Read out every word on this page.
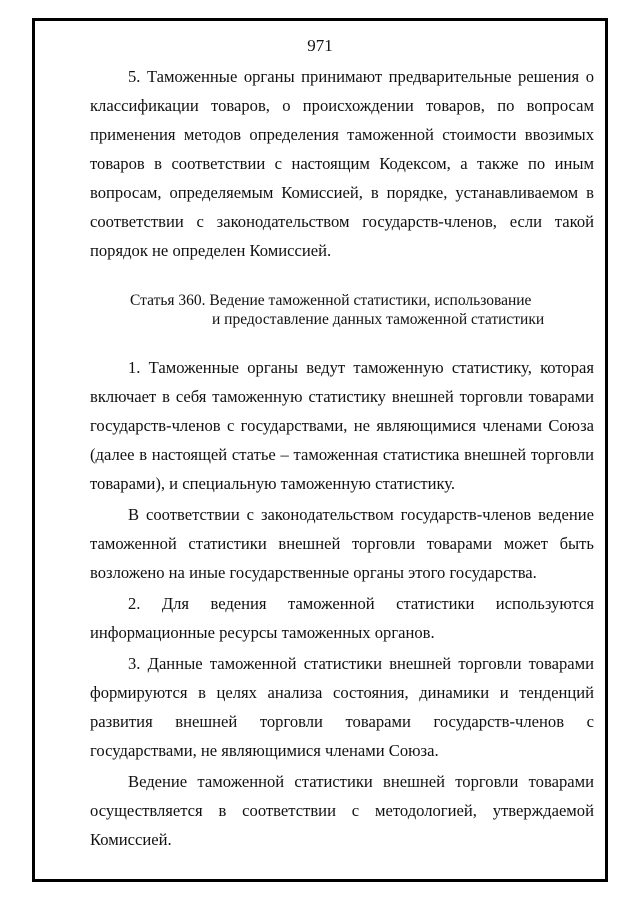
971

5. Таможенные органы принимают предварительные решения о классификации товаров, о происхождении товаров, по вопросам применения методов определения таможенной стоимости ввозимых товаров в соответствии с настоящим Кодексом, а также по иным вопросам, определяемым Комиссией, в порядке, устанавливаемом в соответствии с законодательством государств-членов, если такой порядок не определен Комиссией.

Статья 360. Ведение таможенной статистики, использование
и предоставление данных таможенной статистики

1. Таможенные органы ведут таможенную статистику, которая включает в себя таможенную статистику внешней торговли товарами государств-членов с государствами, не являющимися членами Союза (далее в настоящей статье – таможенная статистика внешней торговли товарами), и специальную таможенную статистику.

В соответствии с законодательством государств-членов ведение таможенной статистики внешней торговли товарами может быть возложено на иные государственные органы этого государства.

2. Для ведения таможенной статистики используются информационные ресурсы таможенных органов.

3. Данные таможенной статистики внешней торговли товарами формируются в целях анализа состояния, динамики и тенденций развития внешней торговли товарами государств-членов с государствами, не являющимися членами Союза.

Ведение таможенной статистики внешней торговли товарами осуществляется в соответствии с методологией, утверждаемой Комиссией.
